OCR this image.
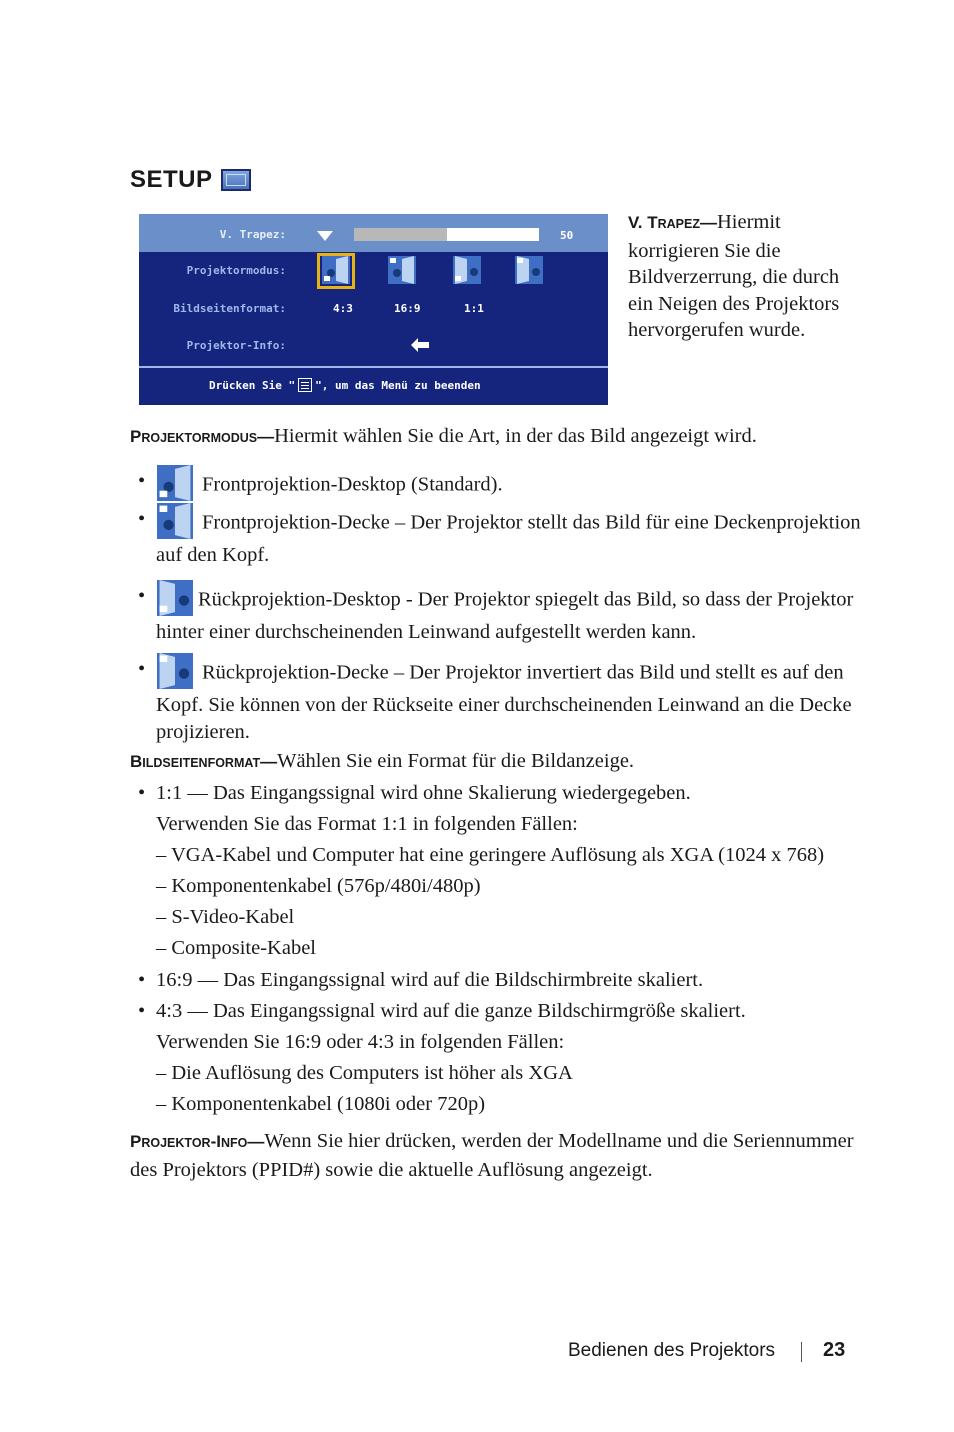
SETUP
V. Trapez:	50
Projektormodus:
Bildseitenformat:	4:3	16:9	1:1
Projektor-Info:
Drücken Sie " ", um das Menü zu beenden
V. TRAPEZ—Hiermit korrigieren Sie die Bildverzerrung, die durch ein Neigen des Projektors hervorgerufen wurde.
PROJEKTORMODUS—Hiermit wählen Sie die Art, in der das Bild angezeigt wird.
•	Frontprojektion-Desktop (Standard).
•	Frontprojektion-Decke – Der Projektor stellt das Bild für eine Deckenprojektion auf den Kopf.
•	Rückprojektion-Desktop - Der Projektor spiegelt das Bild, so dass der Projektor hinter einer durchscheinenden Leinwand aufgestellt werden kann.
•	Rückprojektion-Decke – Der Projektor invertiert das Bild und stellt es auf den Kopf. Sie können von der Rückseite einer durchscheinenden Leinwand an die Decke projizieren.
BILDSEITENFORMAT—Wählen Sie ein Format für die Bildanzeige.
• 1:1 — Das Eingangssignal wird ohne Skalierung wiedergegeben.
Verwenden Sie das Format 1:1 in folgenden Fällen:
– VGA-Kabel und Computer hat eine geringere Auflösung als XGA (1024 x 768)
– Komponentenkabel (576p/480i/480p)
– S-Video-Kabel
– Composite-Kabel
• 16:9 — Das Eingangssignal wird auf die Bildschirmbreite skaliert.
• 4:3 — Das Eingangssignal wird auf die ganze Bildschirmgröße skaliert.
Verwenden Sie 16:9 oder 4:3 in folgenden Fällen:
– Die Auflösung des Computers ist höher als XGA
– Komponentenkabel (1080i oder 720p)
PROJEKTOR-INFO—Wenn Sie hier drücken, werden der Modellname und die Seriennummer des Projektors (PPID#) sowie die aktuelle Auflösung angezeigt.
Bedienen des Projektors 23
